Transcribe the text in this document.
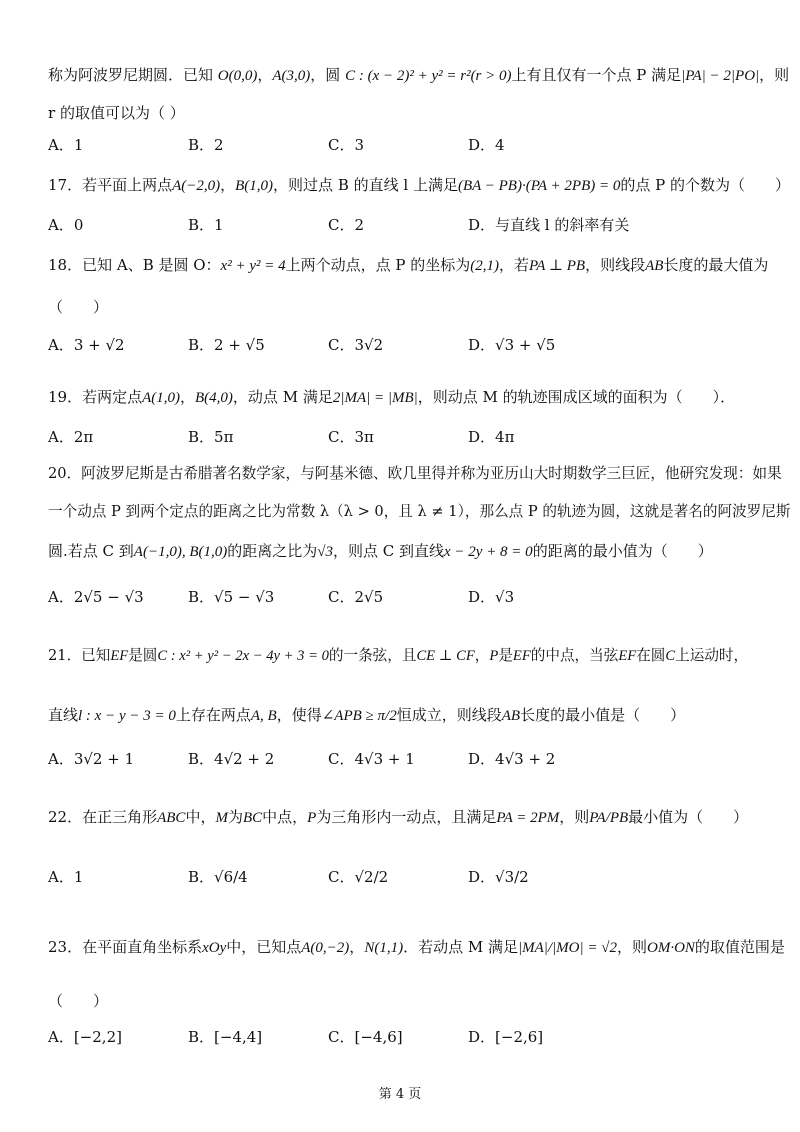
称为阿波罗尼期圆．已知 O(0,0)，A(3,0)，圆 C : (x − 2)² + y² = r²(r > 0)上有且仅有一个点 P 满足|PA| − 2|PO|，则
r 的取值可以为（ ）
A．1	B．2	C．3	D．4
17．若平面上两点A(−2,0)，B(1,0)，则过点 B 的直线 l 上满足(BA − PB)·(PA + 2PB) = 0的点 P 的个数为（　　）
A．0	B．1	C．2	D．与直线 l 的斜率有关
18．已知 A、B 是圆 O：x² + y² = 4上两个动点，点 P 的坐标为(2,1)，若PA ⊥ PB，则线段AB长度的最大值为
（　　）
A．3 + √2	B．2 + √5	C．3√2	D．√3 + √5
19．若两定点A(1,0)，B(4,0)，动点 M 满足2|MA| = |MB|，则动点 M 的轨迹围成区域的面积为（　　）．
A．2π	B．5π	C．3π	D．4π
20．阿波罗尼斯是古希腊著名数学家，与阿基米德、欧几里得并称为亚历山大时期数学三巨匠，他研究发现：如果
一个动点 P 到两个定点的距离之比为常数 λ（λ > 0，且 λ ≠ 1），那么点 P 的轨迹为圆，这就是著名的阿波罗尼斯
圆.若点 C 到A(−1,0), B(1,0)的距离之比为√3，则点 C 到直线x − 2y + 8 = 0的距离的最小值为（　　）
A．2√5 − √3	B．√5 − √3	C．2√5	D．√3
21．已知EF是圆C : x² + y² − 2x − 4y + 3 = 0的一条弦，且CE ⊥ CF，P是EF的中点，当弦EF在圆C上运动时，
直线l : x − y − 3 = 0上存在两点A, B，使得∠APB ≥ π/2恒成立，则线段AB长度的最小值是（　　）
A．3√2 + 1	B．4√2 + 2	C．4√3 + 1	D．4√3 + 2
22．在正三角形ABC中，M为BC中点，P为三角形内一动点，且满足PA = 2PM，则PA/PB最小值为（　　）
A．1	B．√6/4	C．√2/2	D．√3/2
23．在平面直角坐标系xOy中，已知点A(0,−2)，N(1,1)．若动点 M 满足|MA|/|MO| = √2，则OM·ON的取值范围是
（　　）
A．[−2,2]	B．[−4,4]	C．[−4,6]	D．[−2,6]
第 4 页
